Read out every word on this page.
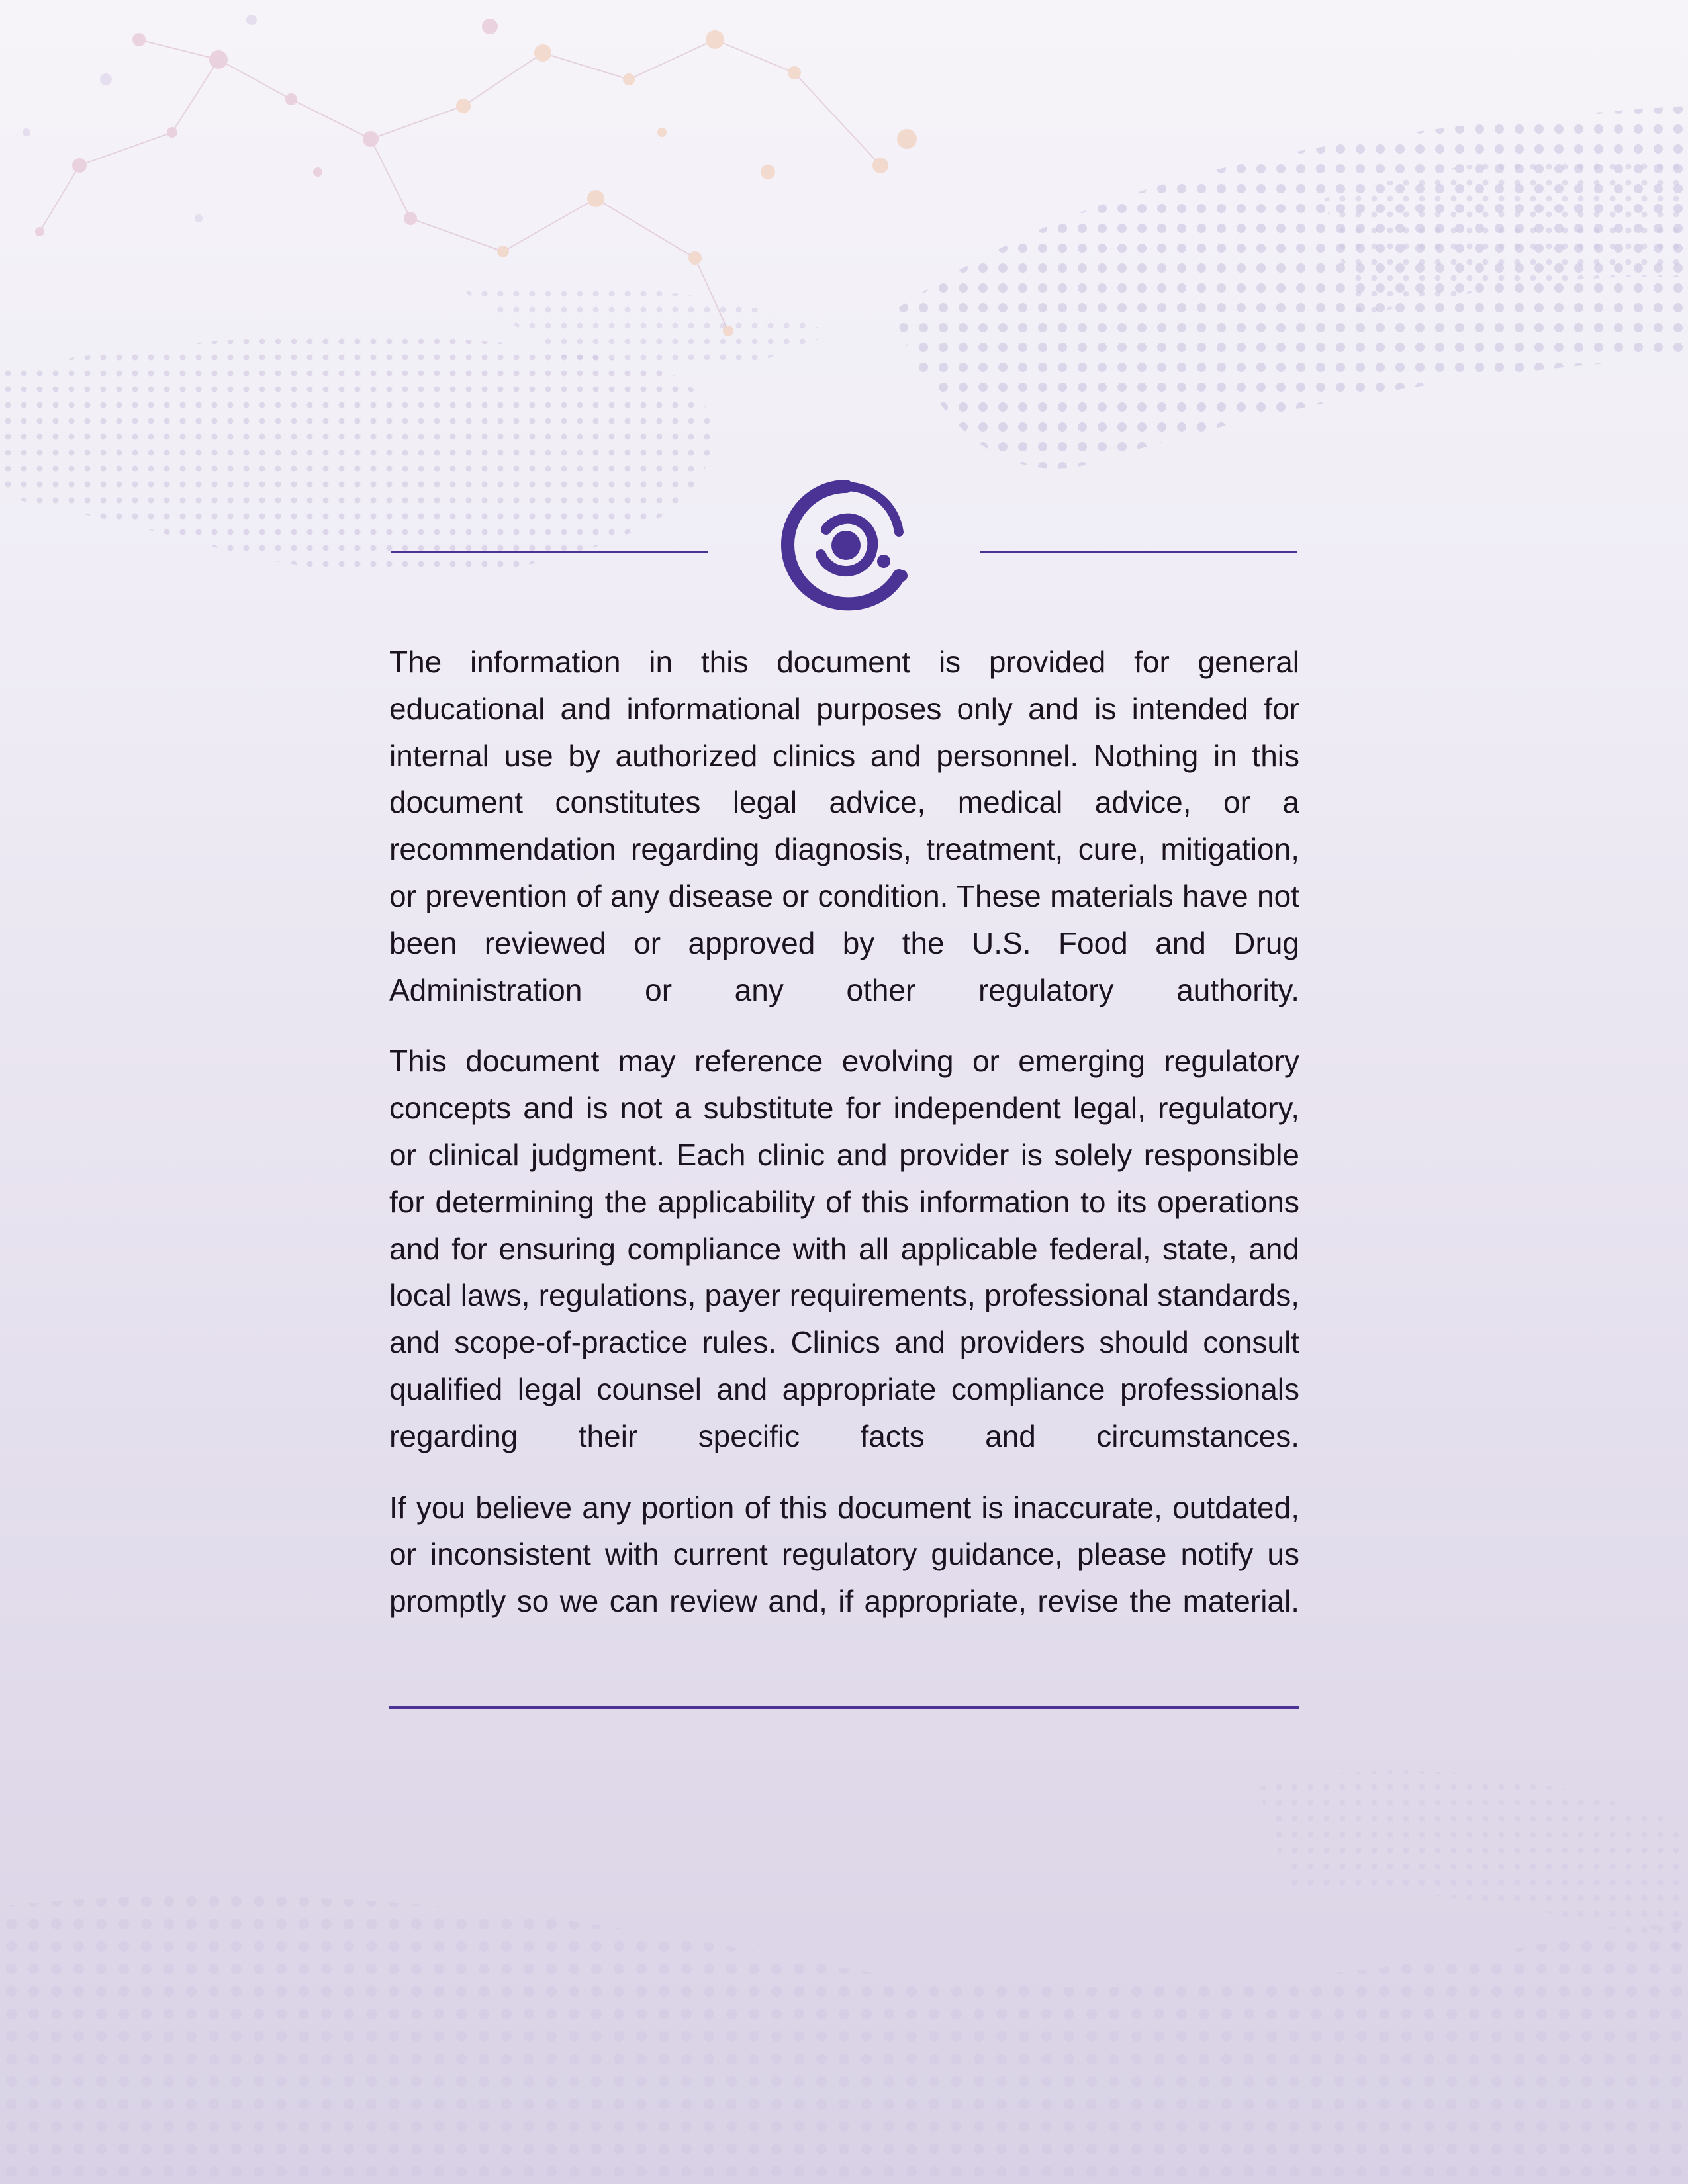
The information in this document is provided for general educational and informational purposes only and is intended for internal use by authorized clinics and personnel. Nothing in this document constitutes legal advice, medical advice, or a recommendation regarding diagnosis, treatment, cure, mitigation, or prevention of any disease or condition. These materials have not been reviewed or approved by the U.S. Food and Drug Administration or any other regulatory authority.

This document may reference evolving or emerging regulatory concepts and is not a substitute for independent legal, regulatory, or clinical judgment. Each clinic and provider is solely responsible for determining the applicability of this information to its operations and for ensuring compliance with all applicable federal, state, and local laws, regulations, payer requirements, professional standards, and scope-of-practice rules. Clinics and providers should consult qualified legal counsel and appropriate compliance professionals regarding their specific facts and circumstances.

If you believe any portion of this document is inaccurate, outdated, or inconsistent with current regulatory guidance, please notify us promptly so we can review and, if appropriate, revise the material.
